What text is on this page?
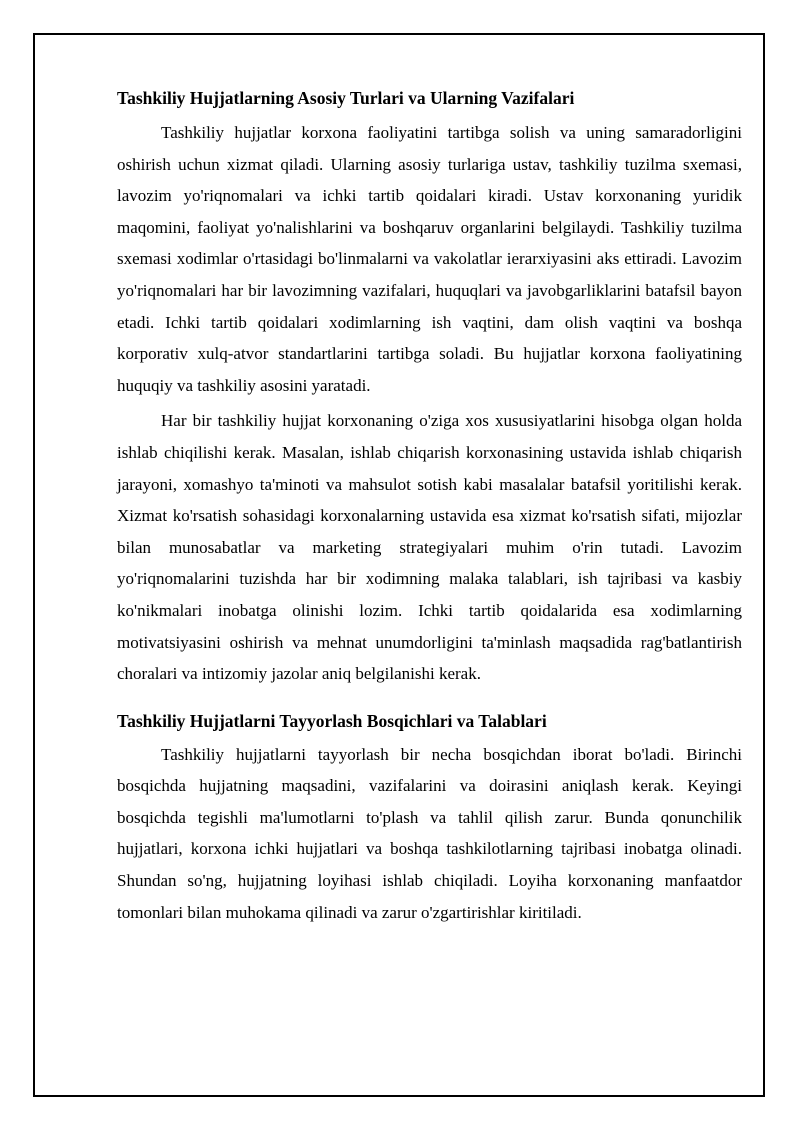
Tashkiliy Hujjatlarning Asosiy Turlari va Ularning Vazifalari

Tashkiliy hujjatlar korxona faoliyatini tartibga solish va uning samaradorligini oshirish uchun xizmat qiladi. Ularning asosiy turlariga ustav, tashkiliy tuzilma sxemasi, lavozim yo'riqnomalari va ichki tartib qoidalari kiradi. Ustav korxonaning yuridik maqomini, faoliyat yo'nalishlarini va boshqaruv organlarini belgilaydi. Tashkiliy tuzilma sxemasi xodimlar o'rtasidagi bo'linmalarni va vakolatlar ierarxiyasini aks ettiradi. Lavozim yo'riqnomalari har bir lavozimning vazifalari, huquqlari va javobgarliklarini batafsil bayon etadi. Ichki tartib qoidalari xodimlarning ish vaqtini, dam olish vaqtini va boshqa korporativ xulq-atvor standartlarini tartibga soladi. Bu hujjatlar korxona faoliyatining huquqiy va tashkiliy asosini yaratadi.

Har bir tashkiliy hujjat korxonaning o'ziga xos xususiyatlarini hisobga olgan holda ishlab chiqilishi kerak. Masalan, ishlab chiqarish korxonasining ustavida ishlab chiqarish jarayoni, xomashyo ta'minoti va mahsulot sotish kabi masalalar batafsil yoritilishi kerak. Xizmat ko'rsatish sohasidagi korxonalarning ustavida esa xizmat ko'rsatish sifati, mijozlar bilan munosabatlar va marketing strategiyalari muhim o'rin tutadi. Lavozim yo'riqnomalarini tuzishda har bir xodimning malaka talablari, ish tajribasi va kasbiy ko'nikmalari inobatga olinishi lozim. Ichki tartib qoidalarida esa xodimlarning motivatsiyasini oshirish va mehnat unumdorligini ta'minlash maqsadida rag'batlantirish choralari va intizomiy jazolar aniq belgilanishi kerak.

Tashkiliy Hujjatlarni Tayyorlash Bosqichlari va Talablari

Tashkiliy hujjatlarni tayyorlash bir necha bosqichdan iborat bo'ladi. Birinchi bosqichda hujjatning maqsadini, vazifalarini va doirasini aniqlash kerak. Keyingi bosqichda tegishli ma'lumotlarni to'plash va tahlil qilish zarur. Bunda qonunchilik hujjatlari, korxona ichki hujjatlari va boshqa tashkilotlarning tajribasi inobatga olinadi. Shundan so'ng, hujjatning loyihasi ishlab chiqiladi. Loyiha korxonaning manfaatdor tomonlari bilan muhokama qilinadi va zarur o'zgartirishlar kiritiladi.
